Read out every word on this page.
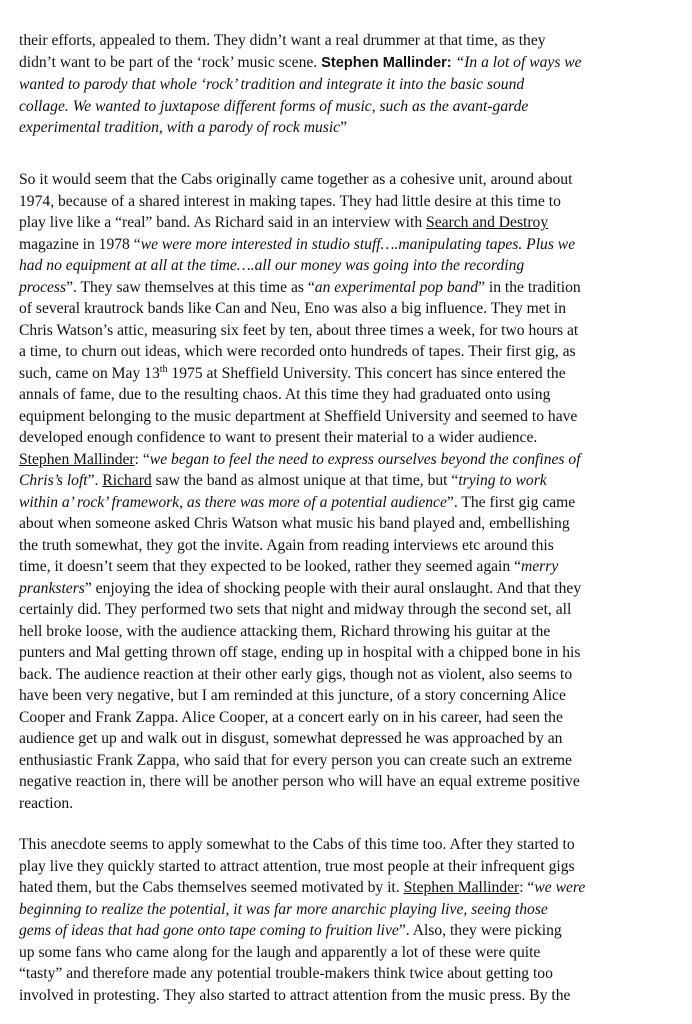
their efforts, appealed to them. They didn’t want a real drummer at that time, as they
didn’t want to be part of the ‘rock’ music scene. Stephen Mallinder: “In a lot of ways we
wanted to parody that whole ‘rock’ tradition and integrate it into the basic sound
collage. We wanted to juxtapose different forms of music, such as the avant-garde
experimental tradition, with a parody of rock music”
So it would seem that the Cabs originally came together as a cohesive unit, around about
1974, because of a shared interest in making tapes. They had little desire at this time to
play live like a “real” band. As Richard said in an interview with Search and Destroy
magazine in 1978 “we were more interested in studio stuff….manipulating tapes. Plus we
had no equipment at all at the time….all our money was going into the recording
process”. They saw themselves at this time as “an experimental pop band” in the tradition
of several krautrock bands like Can and Neu, Eno was also a big influence. They met in
Chris Watson’s attic, measuring six feet by ten, about three times a week, for two hours at
a time, to churn out ideas, which were recorded onto hundreds of tapes. Their first gig, as
such, came on May 13th 1975 at Sheffield University. This concert has since entered the
annals of fame, due to the resulting chaos. At this time they had graduated onto using
equipment belonging to the music department at Sheffield University and seemed to have
developed enough confidence to want to present their material to a wider audience.
Stephen Mallinder: “we began to feel the need to express ourselves beyond the confines of
Chris’s loft”. Richard saw the band as almost unique at that time, but “trying to work
within a’ rock’ framework, as there was more of a potential audience”. The first gig came
about when someone asked Chris Watson what music his band played and, embellishing
the truth somewhat, they got the invite. Again from reading interviews etc around this
time, it doesn’t seem that they expected to be looked, rather they seemed again “merry
pranksters” enjoying the idea of shocking people with their aural onslaught. And that they
certainly did. They performed two sets that night and midway through the second set, all
hell broke loose, with the audience attacking them, Richard throwing his guitar at the
punters and Mal getting thrown off stage, ending up in hospital with a chipped bone in his
back. The audience reaction at their other early gigs, though not as violent, also seems to
have been very negative, but I am reminded at this juncture, of a story concerning Alice
Cooper and Frank Zappa. Alice Cooper, at a concert early on in his career, had seen the
audience get up and walk out in disgust, somewhat depressed he was approached by an
enthusiastic Frank Zappa, who said that for every person you can create such an extreme
negative reaction in, there will be another person who will have an equal extreme positive
reaction.
This anecdote seems to apply somewhat to the Cabs of this time too. After they started to
play live they quickly started to attract attention, true most people at their infrequent gigs
hated them, but the Cabs themselves seemed motivated by it. Stephen Mallinder: “we were
beginning to realize the potential, it was far more anarchic playing live, seeing those
gems of ideas that had gone onto tape coming to fruition live”. Also, they were picking
up some fans who came along for the laugh and apparently a lot of these were quite
“tasty” and therefore made any potential trouble-makers think twice about getting too
involved in protesting. They also started to attract attention from the music press. By the
